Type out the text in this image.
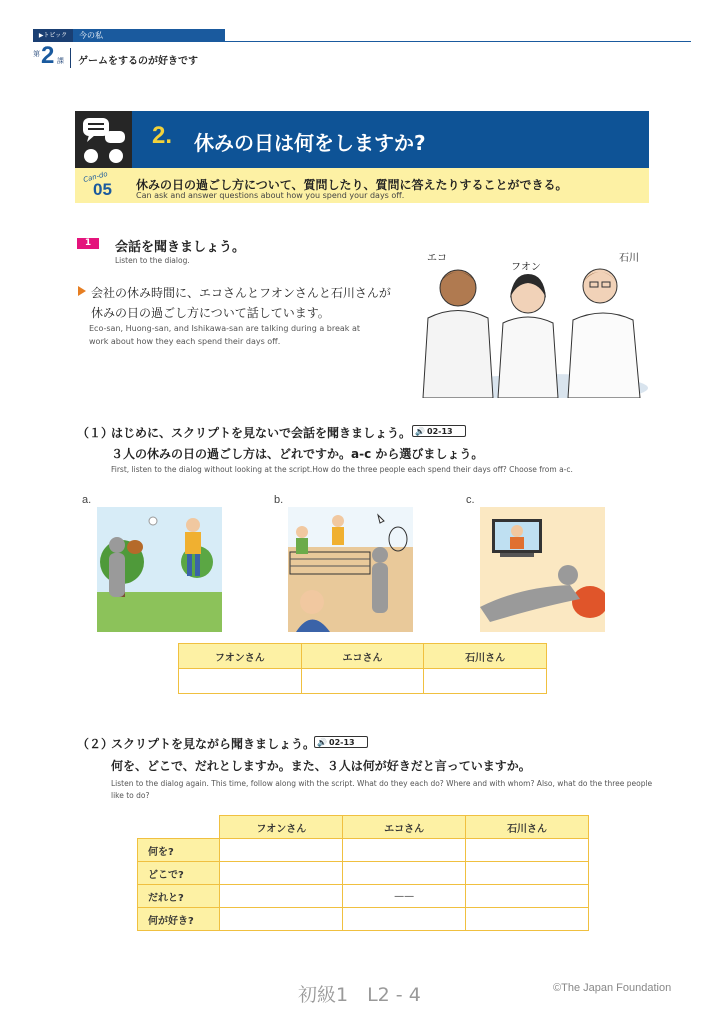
▶トピック	今の私
第 2 課 ゲームをするのが好きです
2. 休みの日は何をしますか?
Can-do
05 休みの日の過ごし方について、質問したり、質問に答えたりすることができる。
Can ask and answer questions about how you spend your days off.
1	会話を聞きましょう。
Listen to the dialog.
会社の休み時間に、エコさんとフオンさんと石川さんが
休みの日の過ごし方について話しています。
Eco-san, Huong-san, and Ishikawa-san are talking during a break at work about how they each spend their days off.
エコ
フオン
石川
（１）
はじめに、スクリプトを見ないで会話を聞きましょう。 🔊 02-13
３人の休みの日の過ごし方は、どれですか。a-c から選びましょう。
First, listen to the dialog without looking at the script.How do the three people each spend their days off? Choose from a-c.
a.	b.	c.
フオンさん	エコさん	石川さん

（２）
スクリプトを見ながら聞きましょう。 🔊 02-13
何を、どこで、だれとしますか。また、３人は何が好きだと言っていますか。
Listen to the dialog again. This time, follow along with the script. What do they each do? Where and with whom? Also, what do the three people like to do?
	フオンさん	エコさん	石川さん
何を?			
どこで?			
だれと?		——	
何が好き?			
初級1　L2 - 4	©The Japan Foundation
